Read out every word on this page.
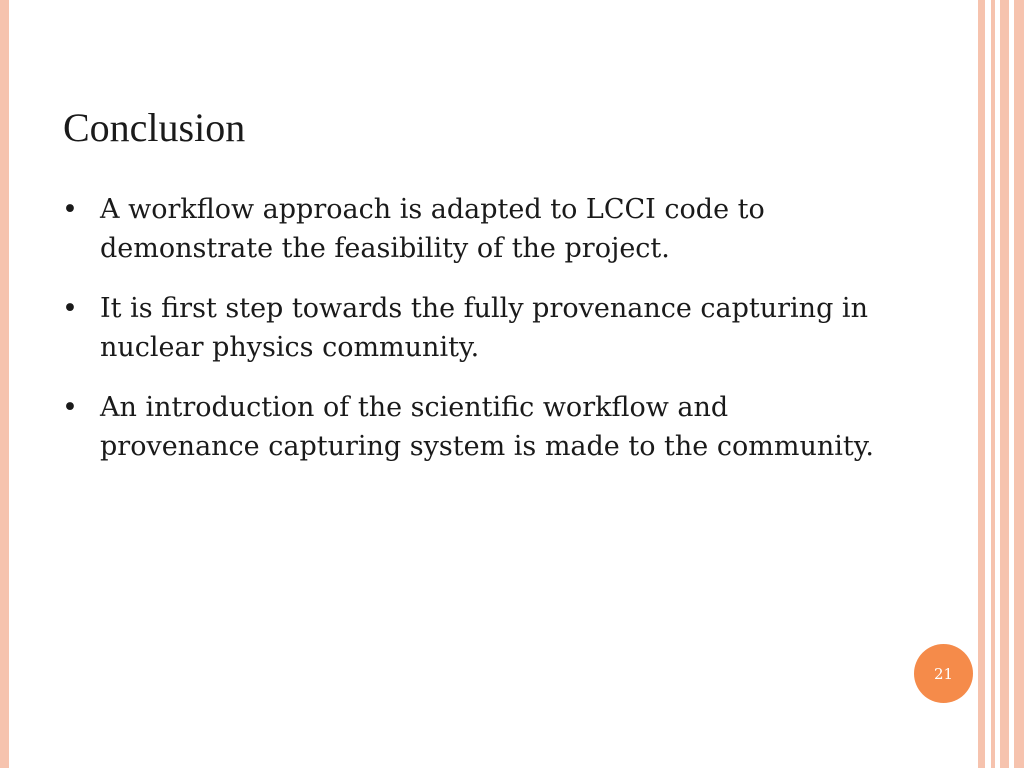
Conclusion
• A workflow approach is adapted to LCCI code to demonstrate the feasibility of the project.
• It is first step towards the fully provenance capturing in nuclear physics community.
• An introduction of the scientific workflow and provenance capturing system is made to the community.
21
